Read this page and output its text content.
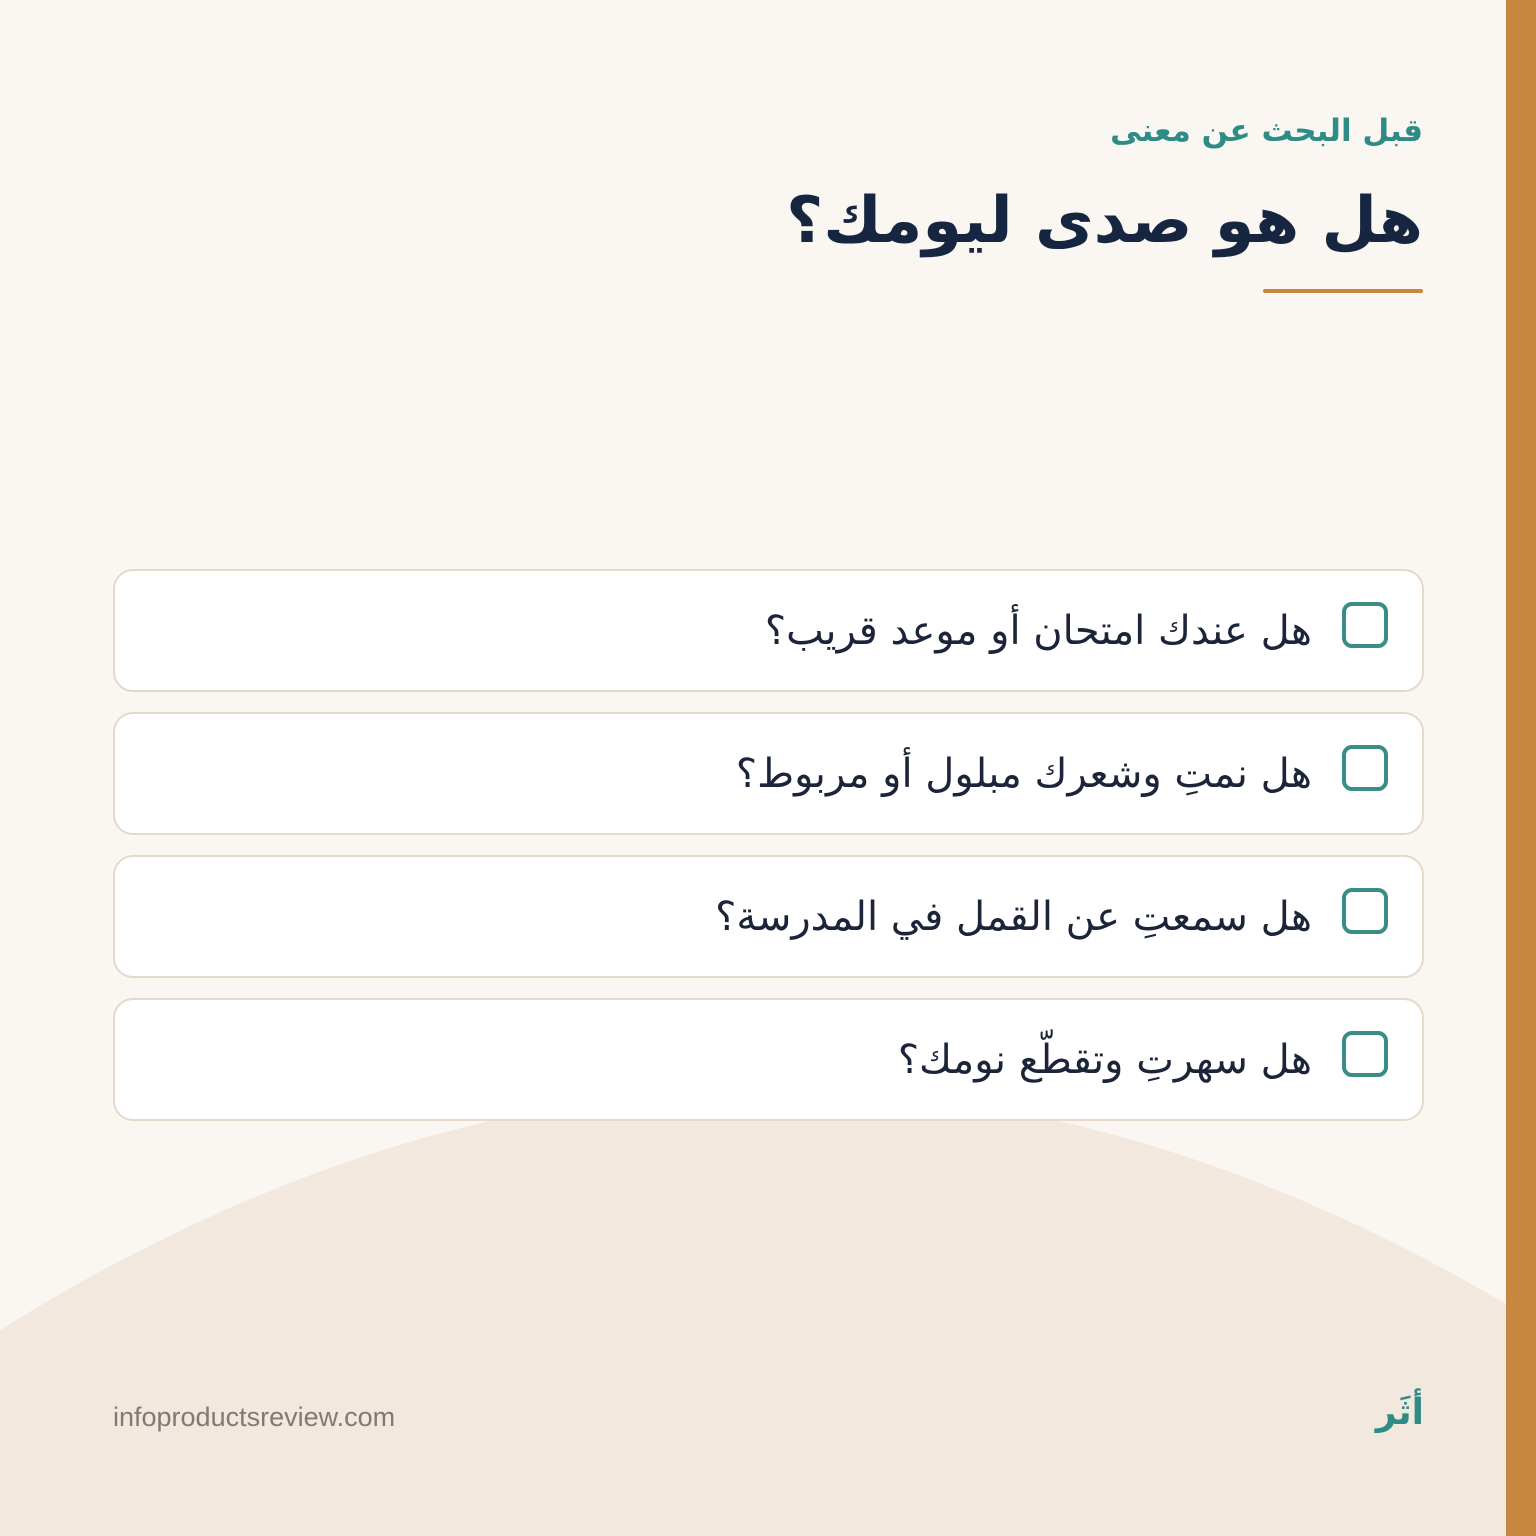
قبل البحث عن معنى

هل هو صدى ليومك؟
هل عندك امتحان أو موعد قريب؟
هل نمتِ وشعرك مبلول أو مربوط؟
هل سمعتِ عن القمل في المدرسة؟
هل سهرتِ وتقطّع نومك؟
infoproductsreview.com	أثَر
